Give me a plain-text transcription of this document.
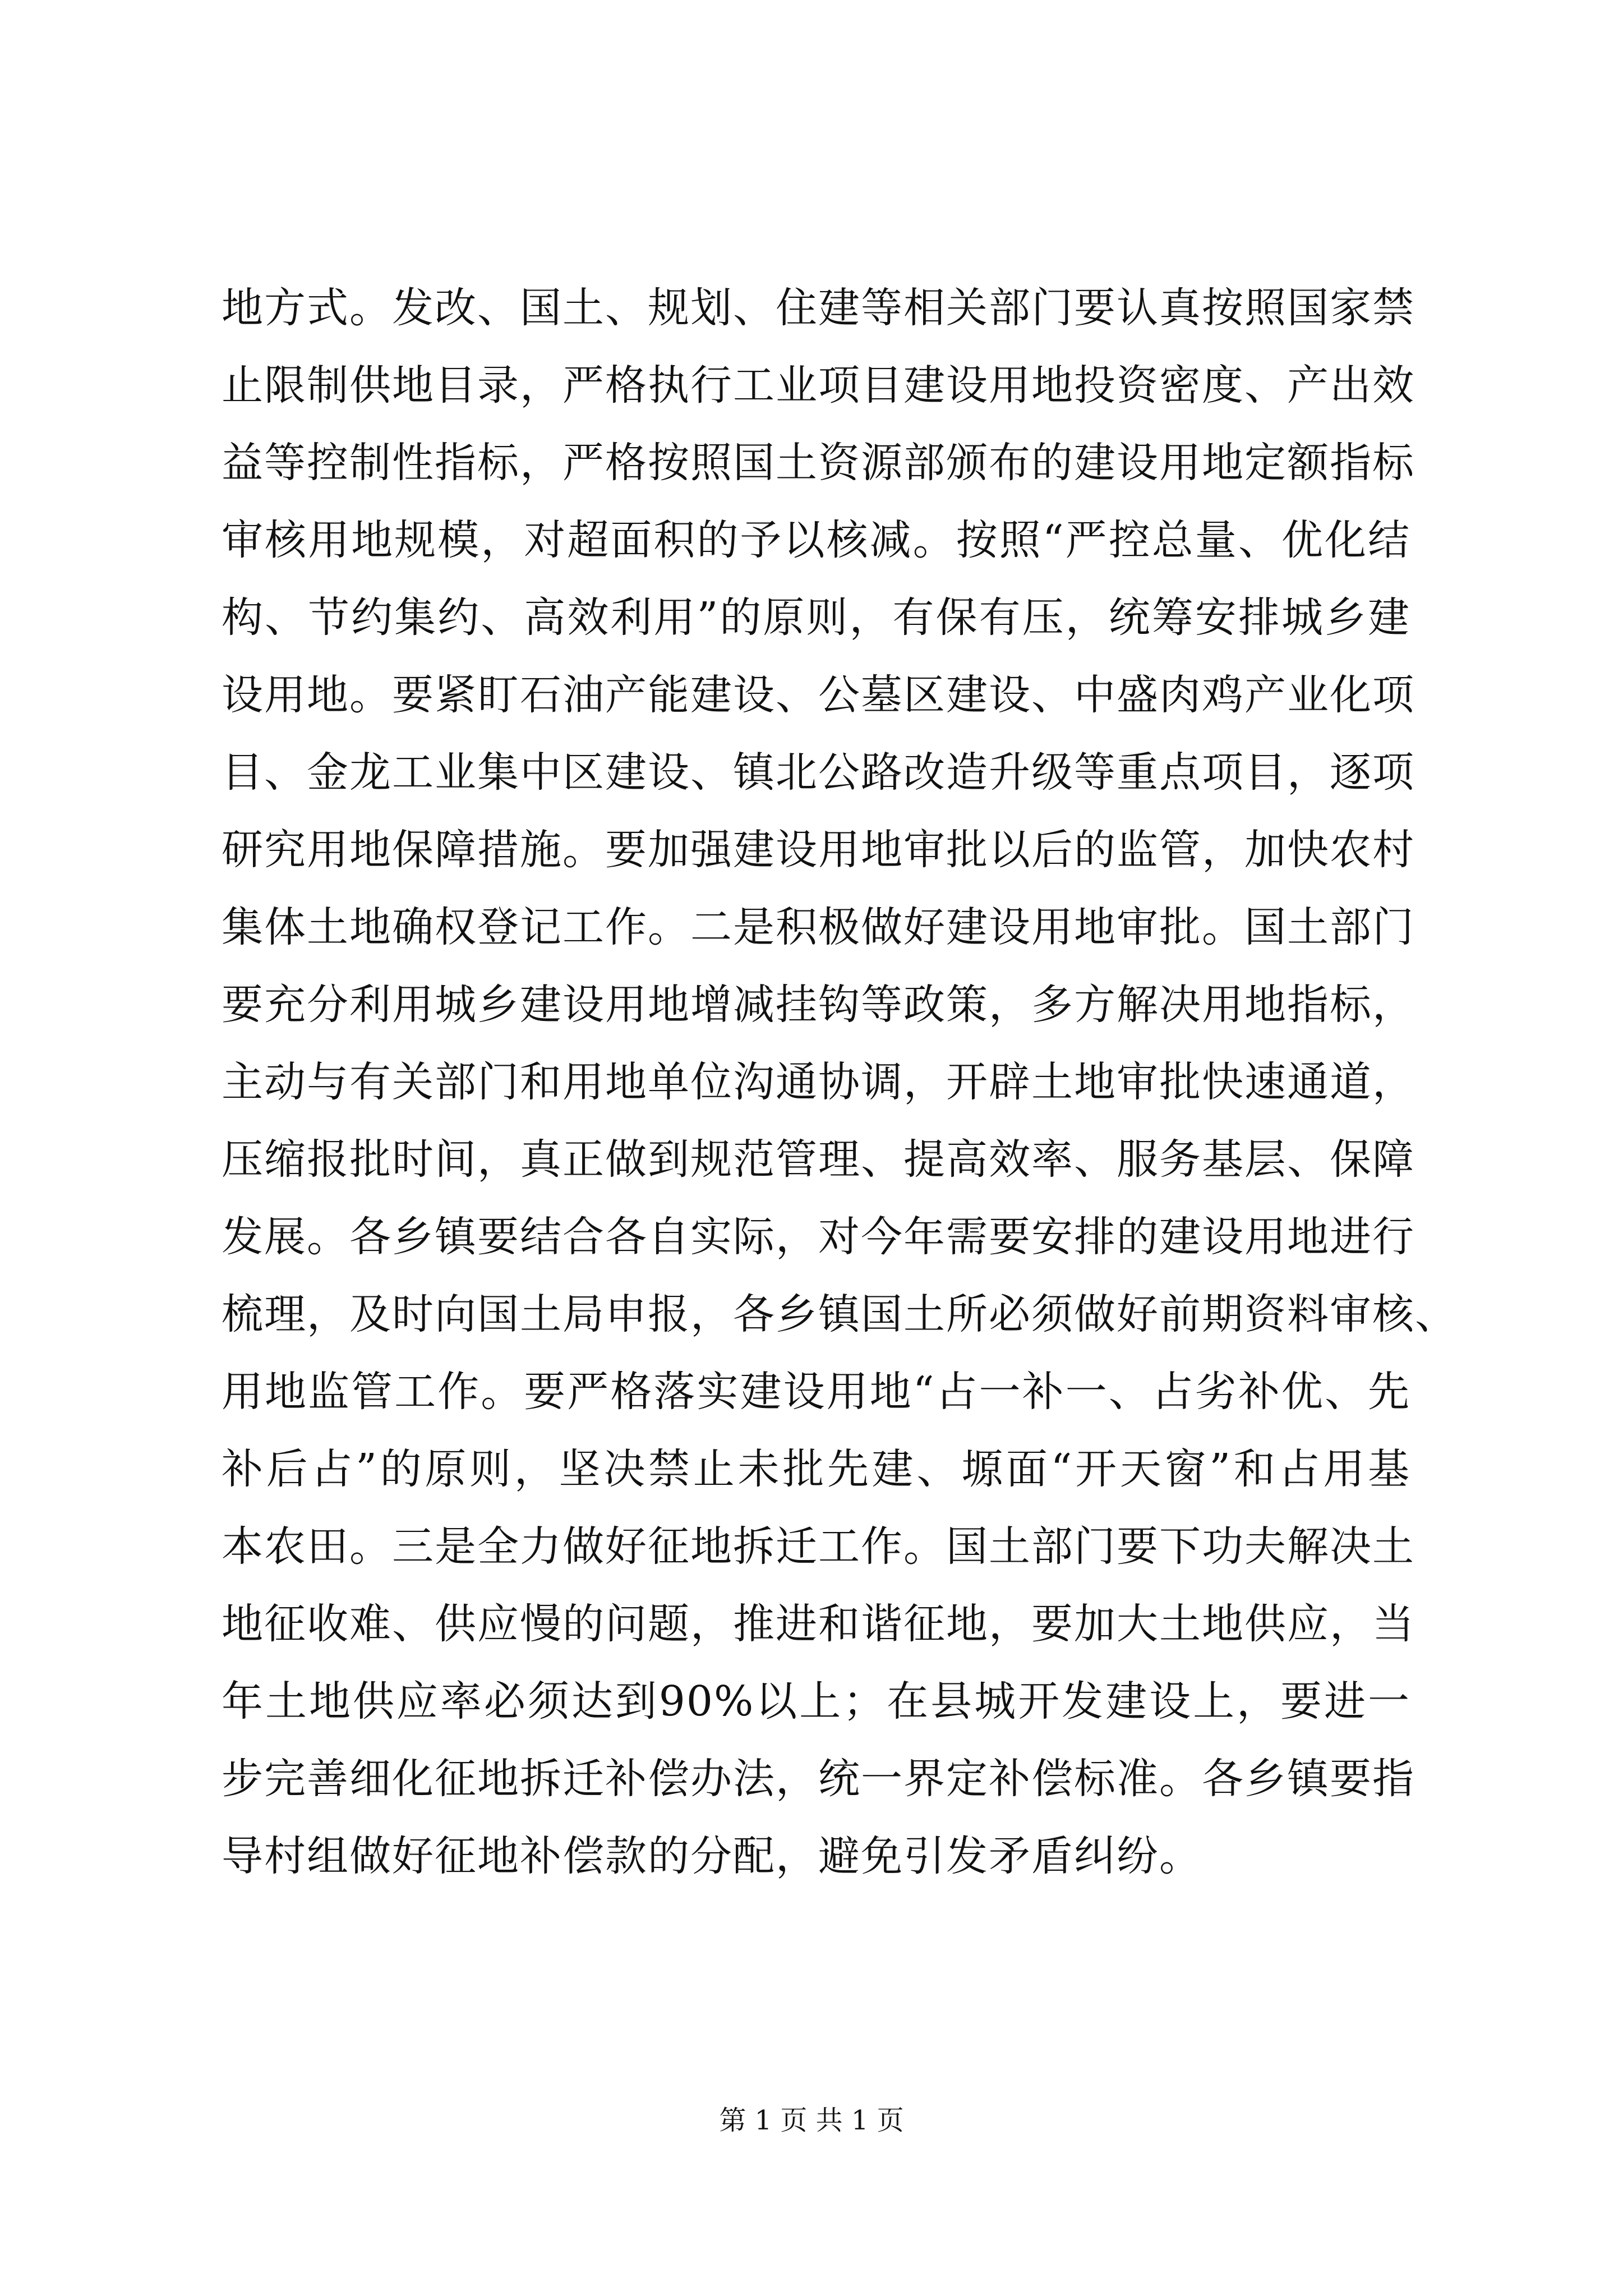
地方式。发改、国土、规划、住建等相关部门要认真按照国家禁
止限制供地目录，严格执行工业项目建设用地投资密度、产出效
益等控制性指标，严格按照国土资源部颁布的建设用地定额指标
审核用地规模，对超面积的予以核减。按照“严控总量、优化结
构、节约集约、高效利用”的原则，有保有压，统筹安排城乡建
设用地。要紧盯石油产能建设、公墓区建设、中盛肉鸡产业化项
目、金龙工业集中区建设、镇北公路改造升级等重点项目，逐项
研究用地保障措施。要加强建设用地审批以后的监管，加快农村
集体土地确权登记工作。二是积极做好建设用地审批。国土部门
要充分利用城乡建设用地增减挂钩等政策，多方解决用地指标，
主动与有关部门和用地单位沟通协调，开辟土地审批快速通道，
压缩报批时间，真正做到规范管理、提高效率、服务基层、保障
发展。各乡镇要结合各自实际，对今年需要安排的建设用地进行
梳理，及时向国土局申报，各乡镇国土所必须做好前期资料审核、
用地监管工作。要严格落实建设用地“占一补一、占劣补优、先
补后占”的原则，坚决禁止未批先建、塬面“开天窗”和占用基
本农田。三是全力做好征地拆迁工作。国土部门要下功夫解决土
地征收难、供应慢的问题，推进和谐征地，要加大土地供应，当
年土地供应率必须达到90%以上；在县城开发建设上，要进一
步完善细化征地拆迁补偿办法，统一界定补偿标准。各乡镇要指
导村组做好征地补偿款的分配，避免引发矛盾纠纷。
第 1 页 共 1 页
